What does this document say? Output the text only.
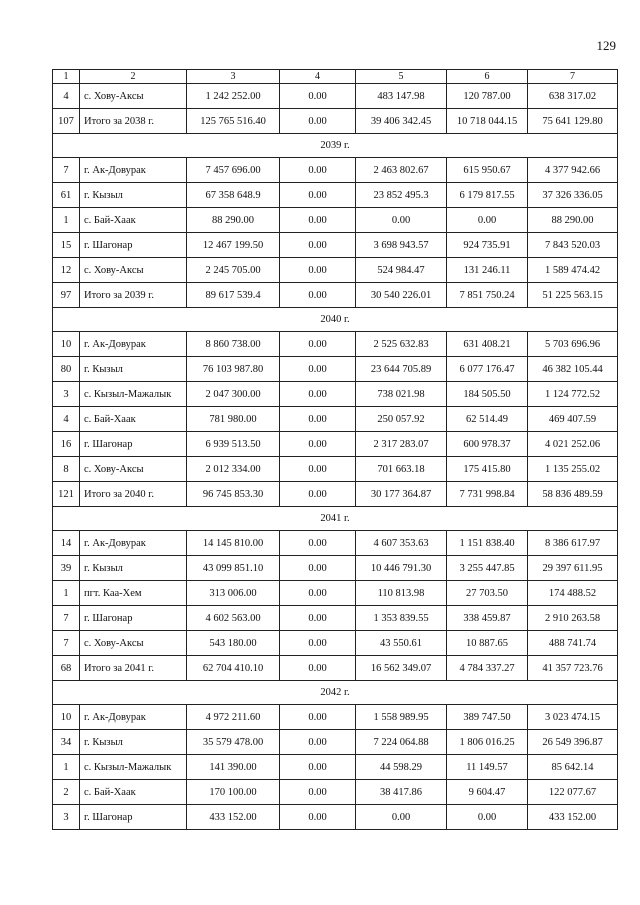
129
1	2	3	4	5	6	7
4	с. Хову-Аксы	1 242 252.00	0.00	483 147.98	120 787.00	638 317.02
107	Итого за 2038 г.	125 765 516.40	0.00	39 406 342.45	10 718 044.15	75 641 129.80
2039 г.						
7	г. Ак-Довурак	7 457 696.00	0.00	2 463 802.67	615 950.67	4 377 942.66
61	г. Кызыл	67 358 648.9	0.00	23 852 495.3	6 179 817.55	37 326 336.05
1	с. Бай-Хаак	88 290.00	0.00	0.00	0.00	88 290.00
15	г. Шагонар	12 467 199.50	0.00	3 698 943.57	924 735.91	7 843 520.03
12	с. Хову-Аксы	2 245 705.00	0.00	524 984.47	131 246.11	1 589 474.42
97	Итого за 2039 г.	89 617 539.4	0.00	30 540 226.01	7 851 750.24	51 225 563.15
2040 г.						
10	г. Ак-Довурак	8 860 738.00	0.00	2 525 632.83	631 408.21	5 703 696.96
80	г. Кызыл	76 103 987.80	0.00	23 644 705.89	6 077 176.47	46 382 105.44
3	с. Кызыл-Мажалык	2 047 300.00	0.00	738 021.98	184 505.50	1 124 772.52
4	с. Бай-Хаак	781 980.00	0.00	250 057.92	62 514.49	469 407.59
16	г. Шагонар	6 939 513.50	0.00	2 317 283.07	600 978.37	4 021 252.06
8	с. Хову-Аксы	2 012 334.00	0.00	701 663.18	175 415.80	1 135 255.02
121	Итого за 2040 г.	96 745 853.30	0.00	30 177 364.87	7 731 998.84	58 836 489.59
2041 г.						
14	г. Ак-Довурак	14 145 810.00	0.00	4 607 353.63	1 151 838.40	8 386 617.97
39	г. Кызыл	43 099 851.10	0.00	10 446 791.30	3 255 447.85	29 397 611.95
1	пгт. Каа-Хем	313 006.00	0.00	110 813.98	27 703.50	174 488.52
7	г. Шагонар	4 602 563.00	0.00	1 353 839.55	338 459.87	2 910 263.58
7	с. Хову-Аксы	543 180.00	0.00	43 550.61	10 887.65	488 741.74
68	Итого за 2041 г.	62 704 410.10	0.00	16 562 349.07	4 784 337.27	41 357 723.76
2042 г.						
10	г. Ак-Довурак	4 972 211.60	0.00	1 558 989.95	389 747.50	3 023 474.15
34	г. Кызыл	35 579 478.00	0.00	7 224 064.88	1 806 016.25	26 549 396.87
1	с. Кызыл-Мажалык	141 390.00	0.00	44 598.29	11 149.57	85 642.14
2	с. Бай-Хаак	170 100.00	0.00	38 417.86	9 604.47	122 077.67
3	г. Шагонар	433 152.00	0.00	0.00	0.00	433 152.00
